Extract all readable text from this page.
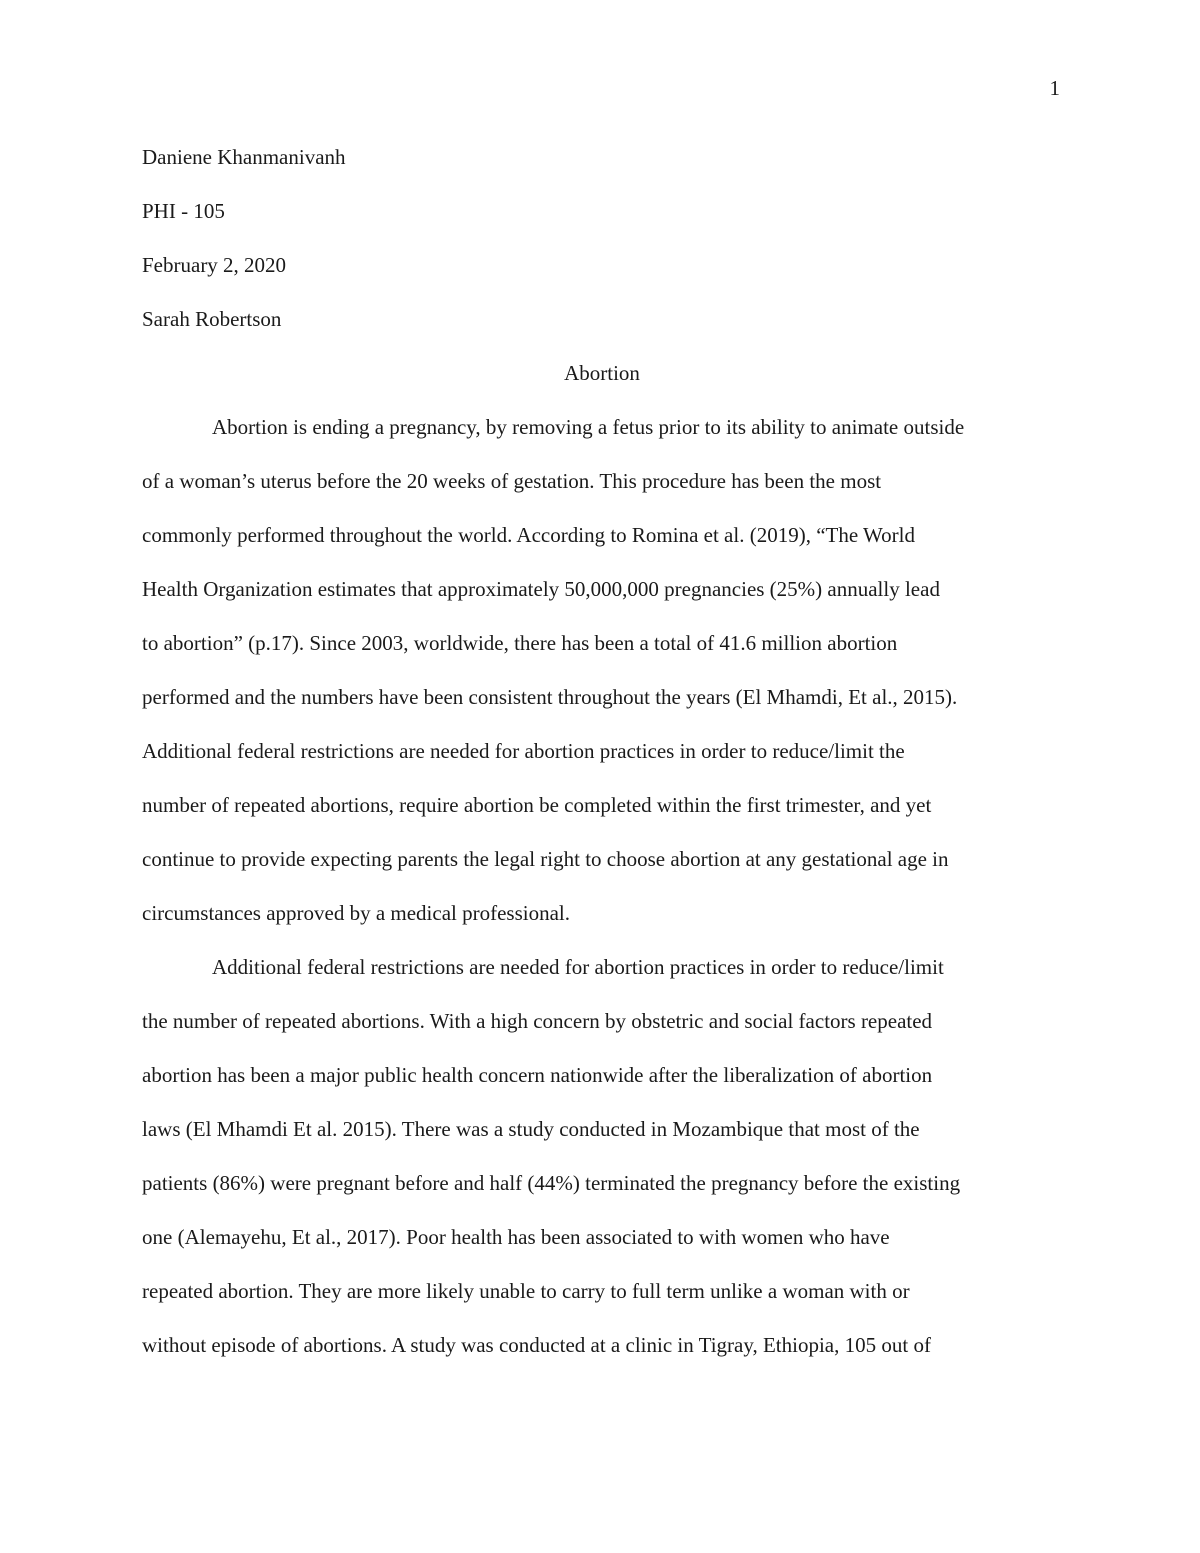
1
Daniene Khanmanivanh
PHI - 105
February 2, 2020
Sarah Robertson
Abortion
Abortion is ending a pregnancy, by removing a fetus prior to its ability to animate outside
of a woman’s uterus before the 20 weeks of gestation. This procedure has been the most
commonly performed throughout the world. According to Romina et al. (2019), “The World
Health Organization estimates that approximately 50,000,000 pregnancies (25%) annually lead
to abortion” (p.17). Since 2003, worldwide, there has been a total of 41.6 million abortion
performed and the numbers have been consistent throughout the years (El Mhamdi, Et al., 2015).
Additional federal restrictions are needed for abortion practices in order to reduce/limit the
number of repeated abortions, require abortion be completed within the first trimester, and yet
continue to provide expecting parents the legal right to choose abortion at any gestational age in
circumstances approved by a medical professional.
Additional federal restrictions are needed for abortion practices in order to reduce/limit
the number of repeated abortions. With a high concern by obstetric and social factors repeated
abortion has been a major public health concern nationwide after the liberalization of abortion
laws (El Mhamdi Et al. 2015). There was a study conducted in Mozambique that most of the
patients (86%) were pregnant before and half (44%) terminated the pregnancy before the existing
one (Alemayehu, Et al., 2017). Poor health has been associated to with women who have
repeated abortion. They are more likely unable to carry to full term unlike a woman with or
without episode of abortions. A study was conducted at a clinic in Tigray, Ethiopia, 105 out of
